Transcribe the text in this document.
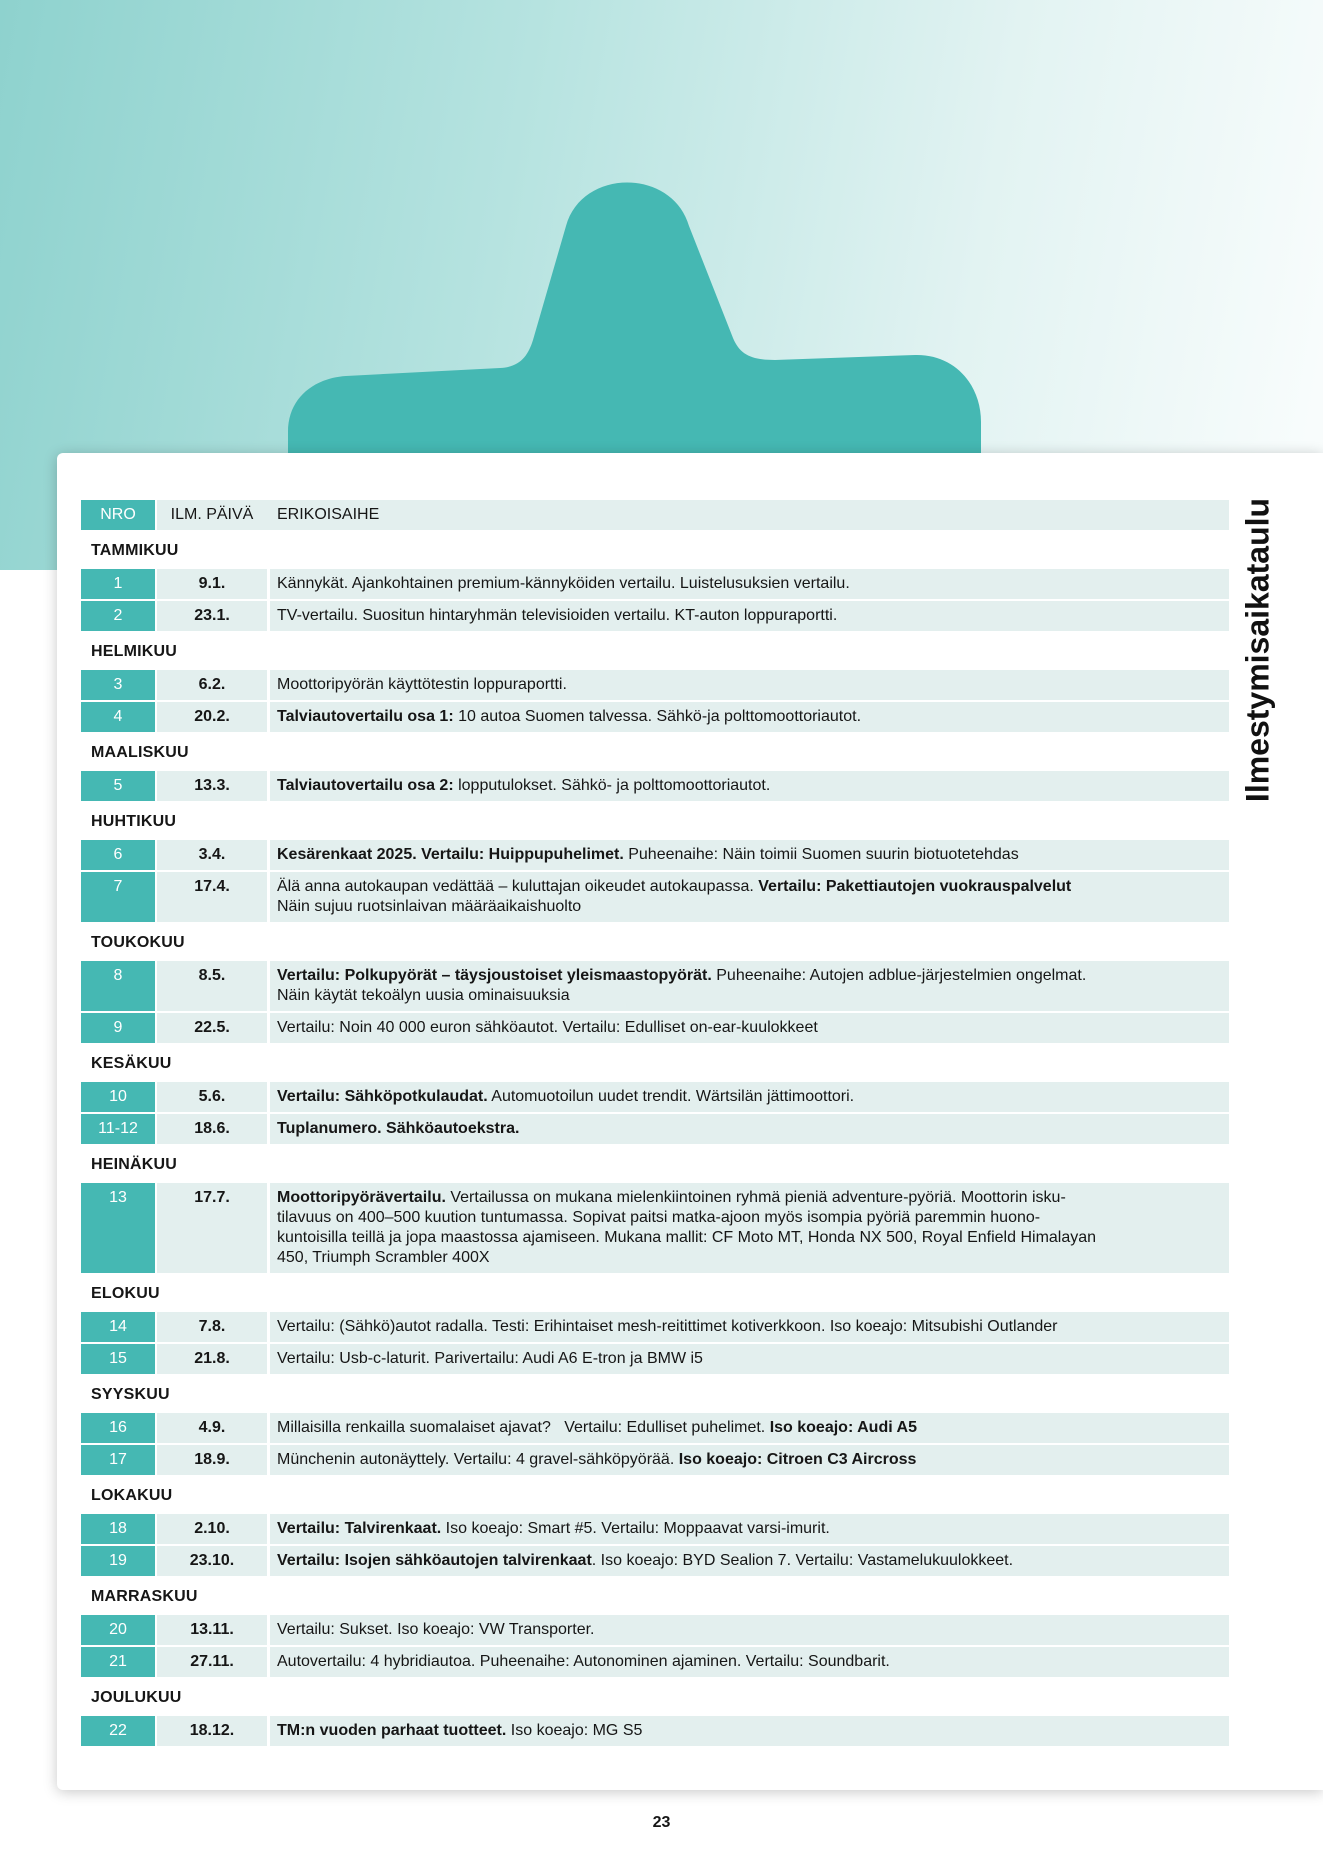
Ilmestymisaikataulu
NRO	ILM. PÄIVÄ	ERIKOISAIHE
TAMMIKUU
1	9.1.	Kännykät. Ajankohtainen premium-kännyköiden vertailu. Luistelusuksien vertailu.
2	23.1.	TV-vertailu. Suositun hintaryhmän televisioiden vertailu. KT-auton loppuraportti.
HELMIKUU
3	6.2.	Moottoripyörän käyttötestin loppuraportti.
4	20.2.	Talviautovertailu osa 1: 10 autoa Suomen talvessa. Sähkö-ja polttomoottoriautot.
MAALISKUU
5	13.3.	Talviautovertailu osa 2: lopputulokset. Sähkö- ja polttomoottoriautot.
HUHTIKUU
6	3.4.	Kesärenkaat 2025. Vertailu: Huippupuhelimet. Puheenaihe: Näin toimii Suomen suurin biotuotetehdas
7	17.4.	Älä anna autokaupan vedättää – kuluttajan oikeudet autokaupassa. Vertailu: Pakettiautojen vuokrauspalvelut
Näin sujuu ruotsinlaivan määräaikaishuolto
TOUKOKUU
8	8.5.	Vertailu: Polkupyörät – täysjoustoiset yleismaastopyörät. Puheenaihe: Autojen adblue-järjestelmien ongelmat.
Näin käytät tekoälyn uusia ominaisuuksia
9	22.5.	Vertailu: Noin 40 000 euron sähköautot. Vertailu: Edulliset on-ear-kuulokkeet
KESÄKUU
10	5.6.	Vertailu: Sähköpotkulaudat. Automuotoilun uudet trendit. Wärtsilän jättimoottori.
11-12	18.6.	Tuplanumero. Sähköautoekstra.
HEINÄKUU
13	17.7.	Moottoripyörävertailu. Vertailussa on mukana mielenkiintoinen ryhmä pieniä adventure-pyöriä. Moottorin isku-
tilavuus on 400–500 kuution tuntumassa. Sopivat paitsi matka-ajoon myös isompia pyöriä paremmin huono-
kuntoisilla teillä ja jopa maastossa ajamiseen. Mukana mallit: CF Moto MT, Honda NX 500, Royal Enfield Himalayan
450, Triumph Scrambler 400X
ELOKUU
14	7.8.	Vertailu: (Sähkö)autot radalla. Testi: Erihintaiset mesh-reitittimet kotiverkkoon. Iso koeajo: Mitsubishi Outlander
15	21.8.	Vertailu: Usb-c-laturit. Parivertailu: Audi A6 E-tron ja BMW i5
SYYSKUU
16	4.9.	Millaisilla renkailla suomalaiset ajavat?   Vertailu: Edulliset puhelimet. Iso koeajo: Audi A5
17	18.9.	Münchenin autonäyttely. Vertailu: 4 gravel-sähköpyörää. Iso koeajo: Citroen C3 Aircross
LOKAKUU
18	2.10.	Vertailu: Talvirenkaat. Iso koeajo: Smart #5. Vertailu: Moppaavat varsi-imurit.
19	23.10.	Vertailu: Isojen sähköautojen talvirenkaat. Iso koeajo: BYD Sealion 7. Vertailu: Vastamelukuulokkeet.
MARRASKUU
20	13.11.	Vertailu: Sukset. Iso koeajo: VW Transporter.
21	27.11.	Autovertailu: 4 hybridiautoa. Puheenaihe: Autonominen ajaminen. Vertailu: Soundbarit.
JOULUKUU
22	18.12.	TM:n vuoden parhaat tuotteet. Iso koeajo: MG S5
23
